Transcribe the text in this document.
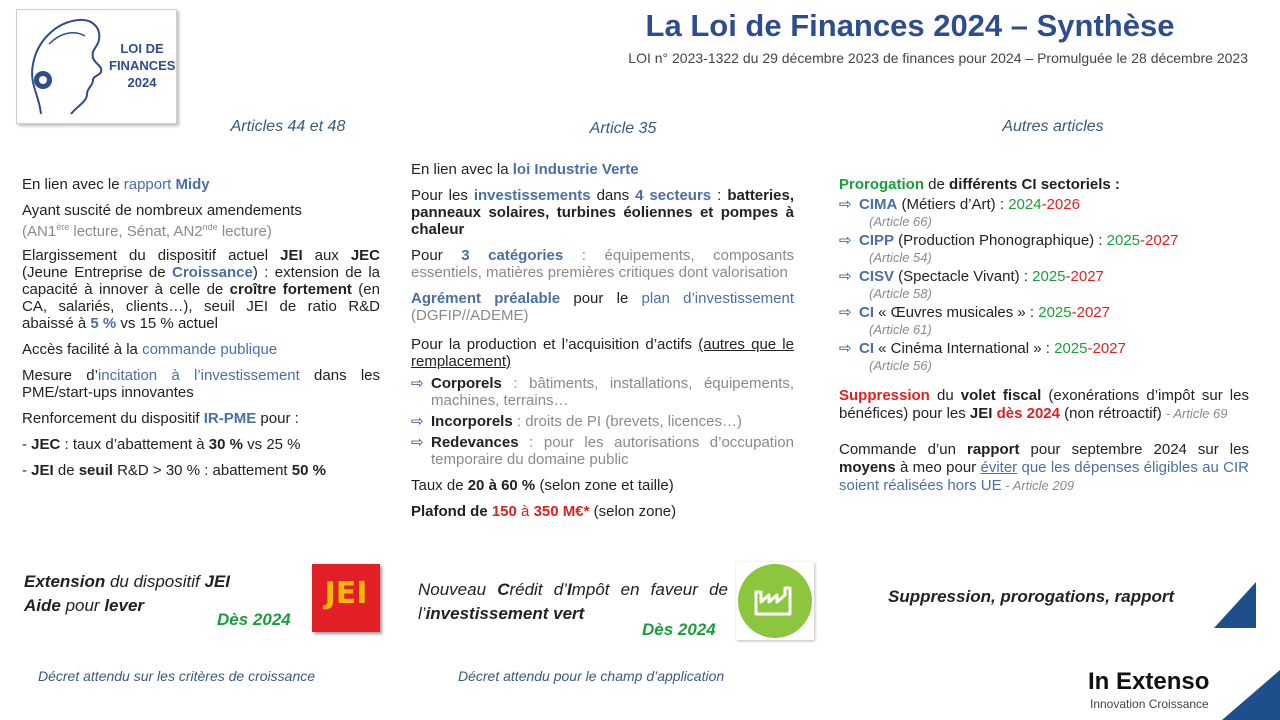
LOI DE
FINANCES
2024
La Loi de Finances 2024 – Synthèse
LOI n° 2023-1322 du 29 décembre 2023 de finances pour 2024 – Promulguée le 28 décembre 2023
Articles 44 et 48
En lien avec le rapport Midy
Ayant suscité de nombreux amendements
(AN1ère lecture, Sénat, AN2nde lecture)
Elargissement du dispositif actuel JEI aux JEC (Jeune Entreprise de Croissance) : extension de la capacité à innover à celle de croître fortement (en CA, salariés, clients…), seuil JEI de ratio R&D abaissé à 5 % vs 15 % actuel
Accès facilité à la commande publique
Mesure d’incitation à l’investissement dans les PME/start-ups innovantes
Renforcement du dispositif IR-PME pour :
- JEC : taux d’abattement à 30 % vs 25 %
- JEI de seuil R&D > 30 % : abattement 50 %
Extension du dispositif JEI
Aide pour lever
Dès 2024
JEI
Décret attendu sur les critères de croissance
Article 35
En lien avec la loi Industrie Verte
Pour les investissements dans 4 secteurs : batteries, panneaux solaires, turbines éoliennes et pompes à chaleur
Pour 3 catégories : équipements, composants essentiels, matières premières critiques dont valorisation
Agrément préalable pour le plan d’investissement (DGFIP//ADEME)
Pour la production et l’acquisition d’actifs (autres que le remplacement)
⇨ Corporels : bâtiments, installations, équipements, machines, terrains…
⇨ Incorporels : droits de PI (brevets, licences…)
⇨ Redevances : pour les autorisations d’occupation temporaire du domaine public
Taux de 20 à 60 % (selon zone et taille)
Plafond de 150 à 350 M€* (selon zone)
Nouveau Crédit d’Impôt en faveur de l’investissement vert
Dès 2024
Décret attendu pour le champ d’application
Autres articles
Prorogation de différents CI sectoriels :
⇨ CIMA (Métiers d’Art) : 2024-2026
(Article 66)
⇨ CIPP (Production Phonographique) : 2025-2027
(Article 54)
⇨ CISV (Spectacle Vivant) : 2025-2027
(Article 58)
⇨ CI « Œuvres musicales » : 2025-2027
(Article 61)
⇨ CI « Cinéma International » : 2025-2027
(Article 56)
Suppression du volet fiscal (exonérations d’impôt sur les bénéfices) pour les JEI dès 2024 (non rétroactif) - Article 69
Commande d’un rapport pour septembre 2024 sur les moyens à meo pour éviter que les dépenses éligibles au CIR soient réalisées hors UE - Article 209
Suppression, prorogations, rapport
In Extenso
Innovation Croissance
